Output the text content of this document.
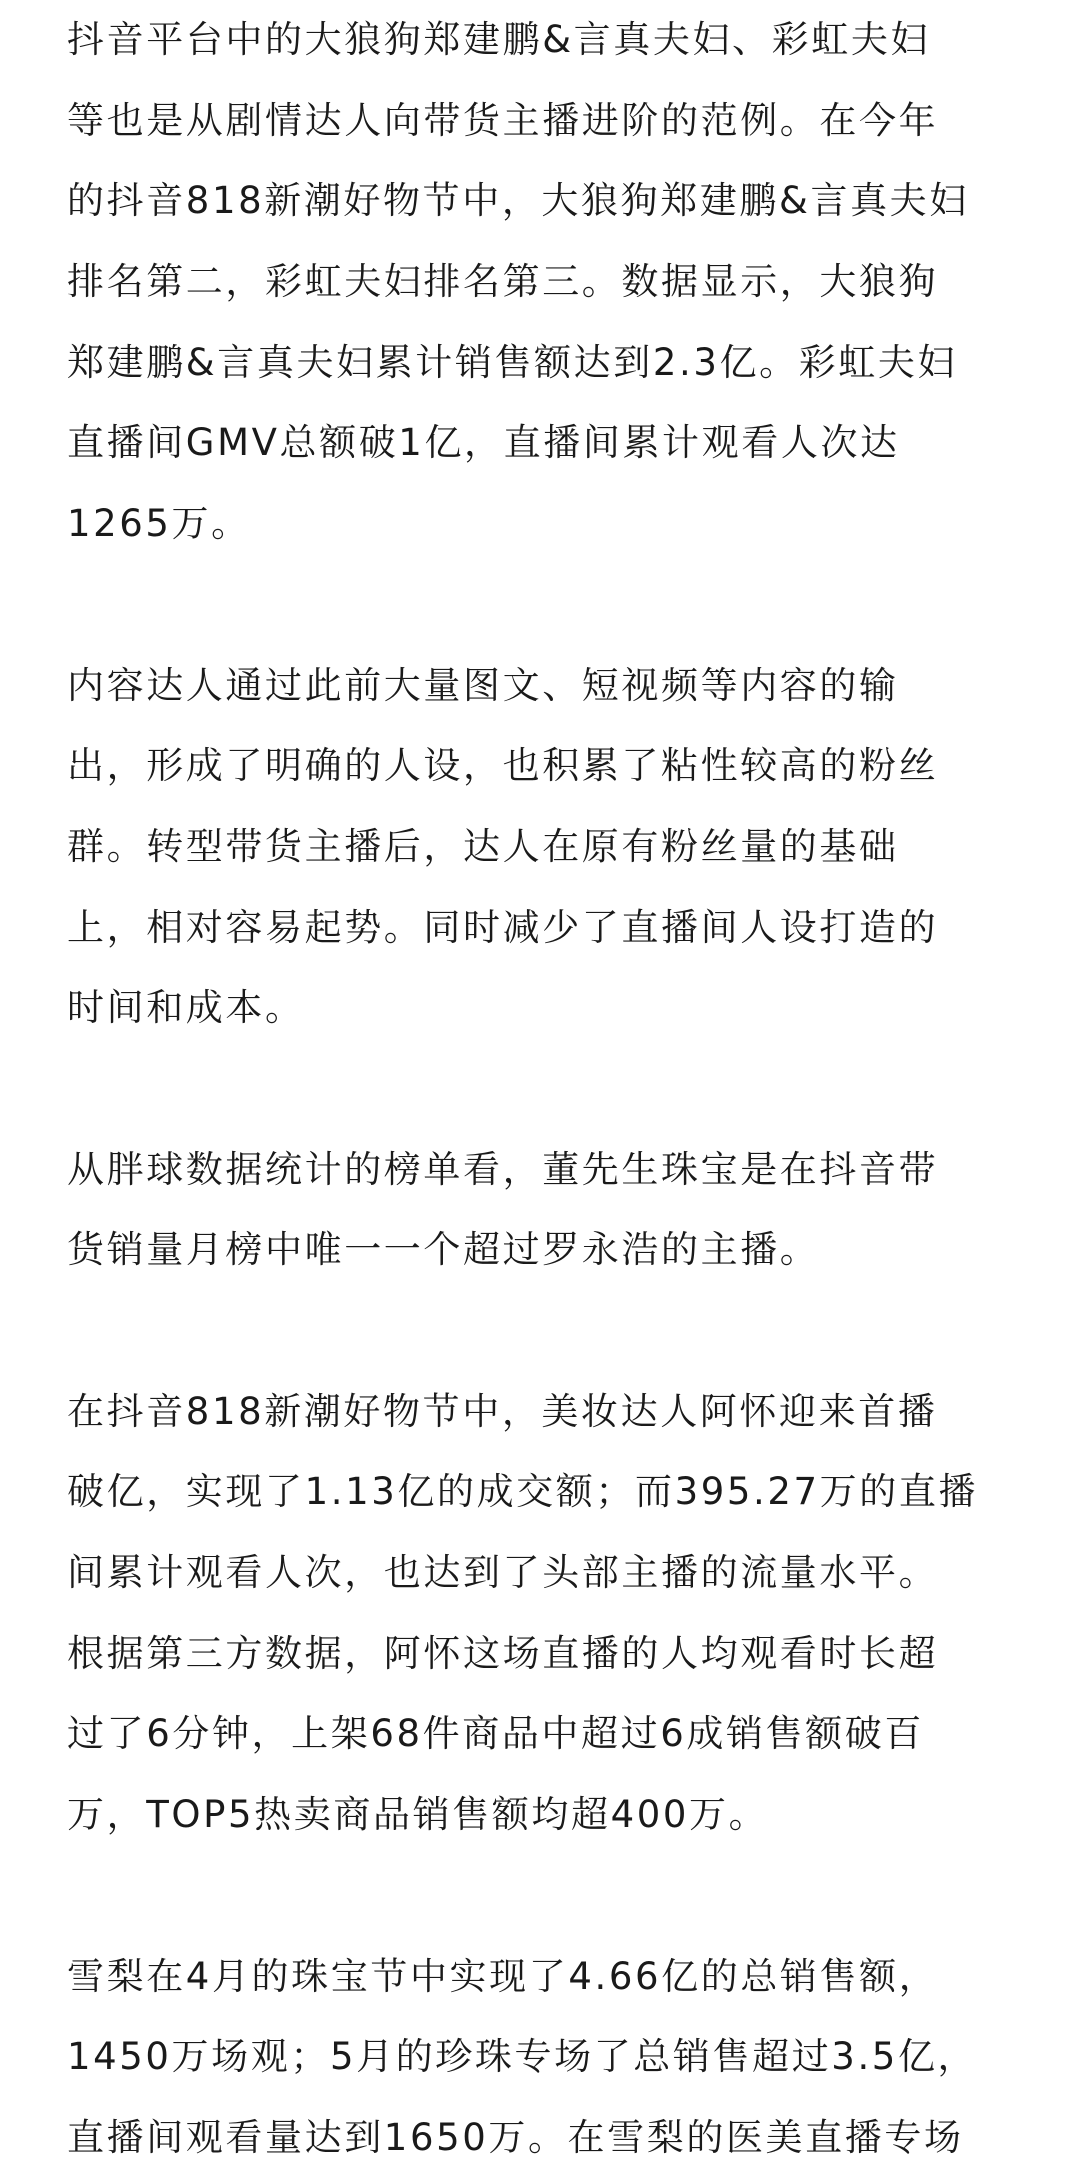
抖音平台中的大狼狗郑建鹏&言真夫妇、彩虹夫妇
等也是从剧情达人向带货主播进阶的范例。在今年
的抖音818新潮好物节中，大狼狗郑建鹏&言真夫妇
排名第二，彩虹夫妇排名第三。数据显示，大狼狗
郑建鹏&言真夫妇累计销售额达到2.3亿。彩虹夫妇
直播间GMV总额破1亿，直播间累计观看人次达
1265万。

内容达人通过此前大量图文、短视频等内容的输
出，形成了明确的人设，也积累了粘性较高的粉丝
群。转型带货主播后，达人在原有粉丝量的基础
上，相对容易起势。同时减少了直播间人设打造的
时间和成本。

从胖球数据统计的榜单看，董先生珠宝是在抖音带
货销量月榜中唯一一个超过罗永浩的主播。

在抖音818新潮好物节中，美妆达人阿怀迎来首播
破亿，实现了1.13亿的成交额；而395.27万的直播
间累计观看人次，也达到了头部主播的流量水平。
根据第三方数据，阿怀这场直播的人均观看时长超
过了6分钟，上架68件商品中超过6成销售额破百
万，TOP5热卖商品销售额均超400万。

雪梨在4月的珠宝节中实现了4.66亿的总销售额，
1450万场观；5月的珍珠专场了总销售超过3.5亿，
直播间观看量达到1650万。在雪梨的医美直播专场
